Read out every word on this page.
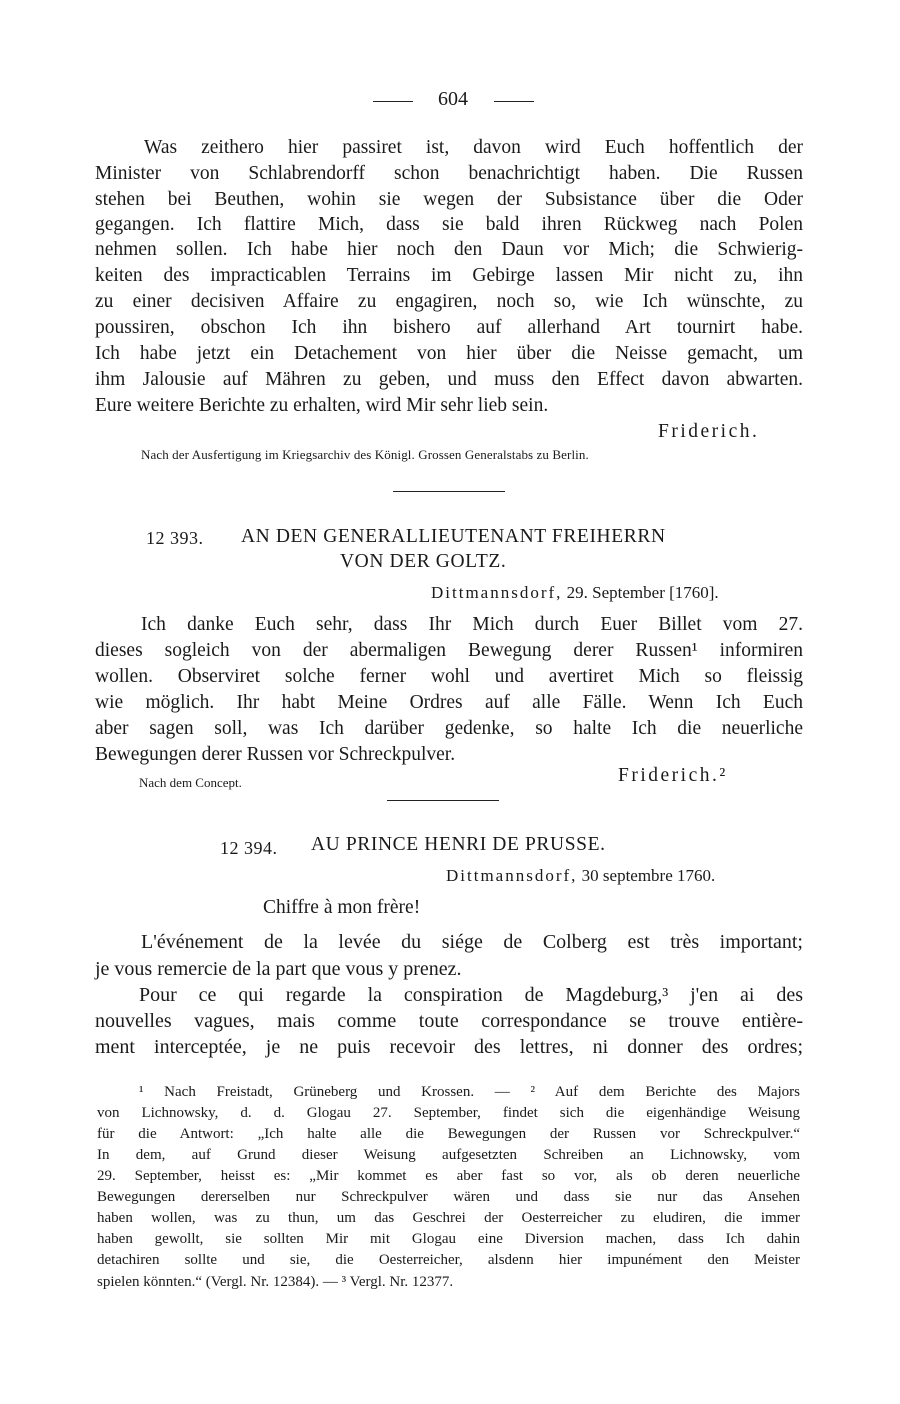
604
Was zeithero hier passiret ist, davon wird Euch hoffentlich der
Minister von Schlabrendorff schon benachrichtigt haben. Die Russen
stehen bei Beuthen, wohin sie wegen der Subsistance über die Oder
gegangen. Ich flattire Mich, dass sie bald ihren Rückweg nach Polen
nehmen sollen. Ich habe hier noch den Daun vor Mich; die Schwierig-
keiten des impracticablen Terrains im Gebirge lassen Mir nicht zu, ihn
zu einer decisiven Affaire zu engagiren, noch so, wie Ich wünschte, zu
poussiren, obschon Ich ihn bishero auf allerhand Art tournirt habe.
Ich habe jetzt ein Detachement von hier über die Neisse gemacht, um
ihm Jalousie auf Mähren zu geben, und muss den Effect davon abwarten.
Eure weitere Berichte zu erhalten, wird Mir sehr lieb sein.
Friderich.
Nach der Ausfertigung im Kriegsarchiv des Königl. Grossen Generalstabs zu Berlin.
12 393. AN DEN GENERALLIEUTENANT FREIHERRN
VON DER GOLTZ.
Dittmannsdorf, 29. September [1760].
Ich danke Euch sehr, dass Ihr Mich durch Euer Billet vom 27.
dieses sogleich von der abermaligen Bewegung derer Russen¹ informiren
wollen. Observiret solche ferner wohl und avertiret Mich so fleissig
wie möglich. Ihr habt Meine Ordres auf alle Fälle. Wenn Ich Euch
aber sagen soll, was Ich darüber gedenke, so halte Ich die neuerliche
Bewegungen derer Russen vor Schreckpulver.
Nach dem Concept.	Friderich.²
12 394. AU PRINCE HENRI DE PRUSSE.
Dittmannsdorf, 30 septembre 1760.
Chiffre à mon frère!
L'événement de la levée du siége de Colberg est très important;
je vous remercie de la part que vous y prenez.
Pour ce qui regarde la conspiration de Magdeburg,³ j'en ai des
nouvelles vagues, mais comme toute correspondance se trouve entière-
ment interceptée, je ne puis recevoir des lettres, ni donner des ordres;
¹ Nach Freistadt, Grüneberg und Krossen. — ² Auf dem Berichte des Majors
von Lichnowsky, d. d. Glogau 27. September, findet sich die eigenhändige Weisung
für die Antwort: „Ich halte alle die Bewegungen der Russen vor Schreckpulver.“
In dem, auf Grund dieser Weisung aufgesetzten Schreiben an Lichnowsky, vom
29. September, heisst es: „Mir kommet es aber fast so vor, als ob deren neuerliche
Bewegungen dererselben nur Schreckpulver wären und dass sie nur das Ansehen
haben wollen, was zu thun, um das Geschrei der Oesterreicher zu eludiren, die immer
haben gewollt, sie sollten Mir mit Glogau eine Diversion machen, dass Ich dahin
detachiren sollte und sie, die Oesterreicher, alsdenn hier impunément den Meister
spielen könnten.“ (Vergl. Nr. 12384). — ³ Vergl. Nr. 12377.
